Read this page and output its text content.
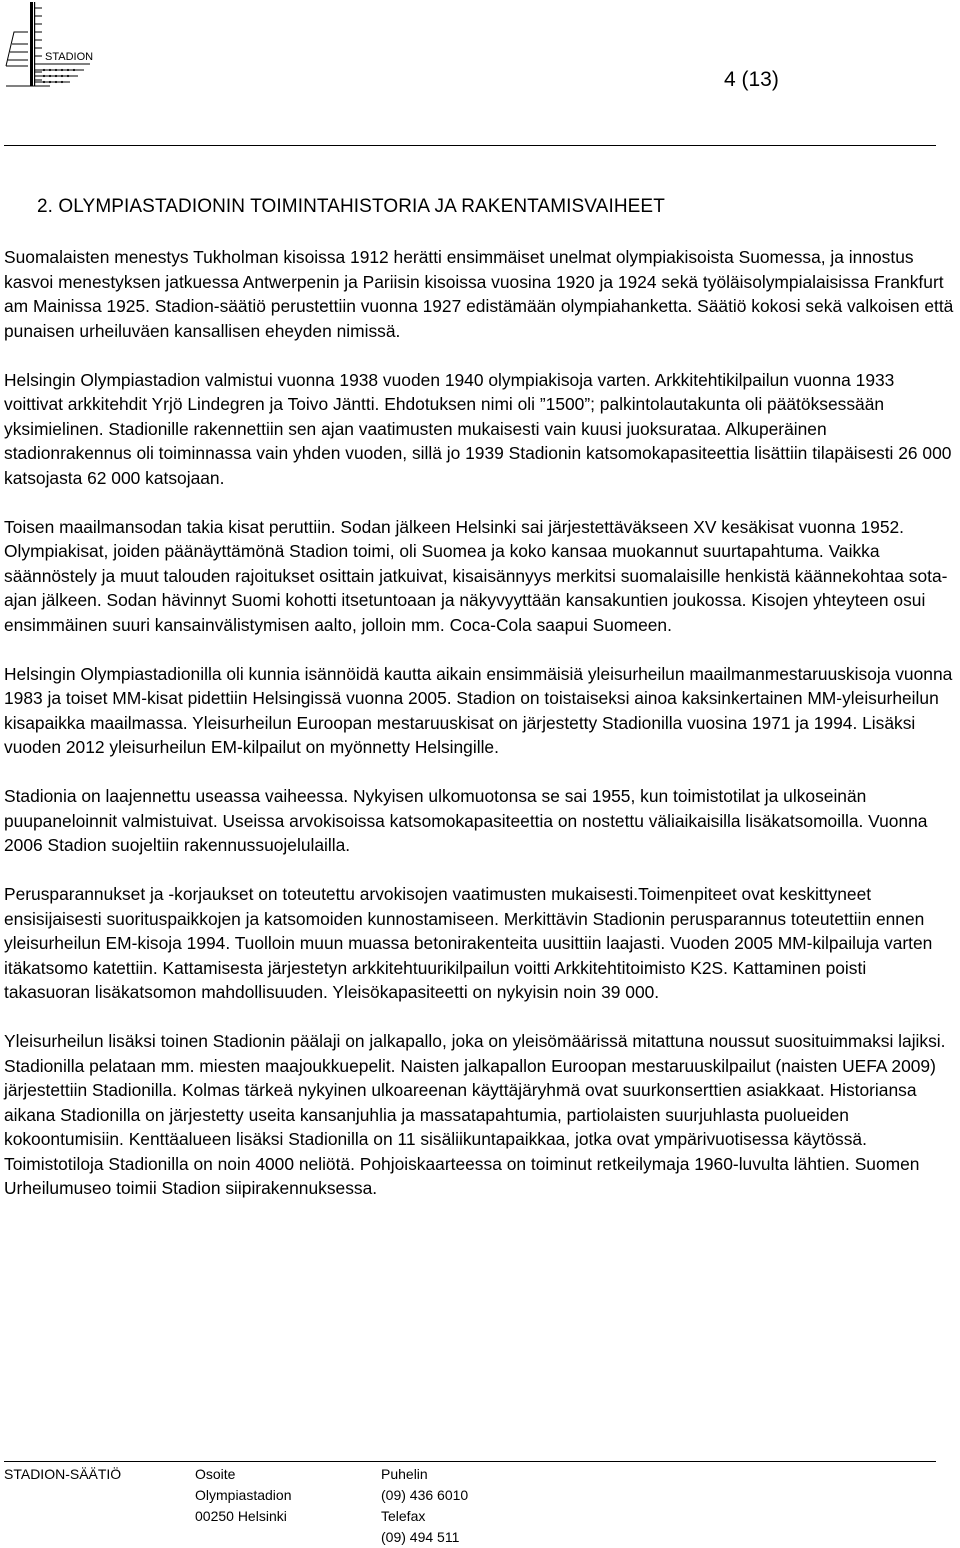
STADION
4 (13)
2. OLYMPIASTADIONIN TOIMINTAHISTORIA JA RAKENTAMISVAIHEET

Suomalaisten menestys Tukholman kisoissa 1912 herätti ensimmäiset unelmat olympiakisoista Suomessa, ja innostus kasvoi menestyksen jatkuessa Antwerpenin ja Pariisin kisoissa vuosina 1920 ja 1924 sekä työläisolympialaisissa Frankfurt am Mainissa 1925. Stadion-säätiö perustettiin vuonna 1927 edistämään olympiahanketta. Säätiö kokosi sekä valkoisen että punaisen urheiluväen kansallisen eheyden nimissä.

Helsingin Olympiastadion valmistui vuonna 1938 vuoden 1940 olympiakisoja varten. Arkkitehtikilpailun vuonna 1933 voittivat arkkitehdit Yrjö Lindegren ja Toivo Jäntti. Ehdotuksen nimi oli ”1500”; palkintolautakunta oli päätöksessään yksimielinen. Stadionille rakennettiin sen ajan vaatimusten mukaisesti vain kuusi juoksurataa. Alkuperäinen stadionrakennus oli toiminnassa vain yhden vuoden, sillä jo 1939 Stadionin katsomokapasiteettia lisättiin tilapäisesti 26 000 katsojasta 62 000 katsojaan.

Toisen maailmansodan takia kisat peruttiin. Sodan jälkeen Helsinki sai järjestettäväkseen XV kesäkisat vuonna 1952. Olympiakisat, joiden päänäyttämönä Stadion toimi, oli Suomea ja koko kansaa muokannut suurtapahtuma. Vaikka säännöstely ja muut talouden rajoitukset osittain jatkuivat, kisaisännyys merkitsi suomalaisille henkistä käännekohtaa sota-ajan jälkeen. Sodan hävinnyt Suomi kohotti itsetuntoaan ja näkyvyyttään kansakuntien joukossa. Kisojen yhteyteen osui ensimmäinen suuri kansainvälistymisen aalto, jolloin mm. Coca-Cola saapui Suomeen.

Helsingin Olympiastadionilla oli kunnia isännöidä kautta aikain ensimmäisiä yleisurheilun maailmanmestaruuskisoja vuonna 1983 ja toiset MM-kisat pidettiin Helsingissä vuonna 2005. Stadion on toistaiseksi ainoa kaksinkertainen MM-yleisurheilun kisapaikka maailmassa. Yleisurheilun Euroopan mestaruuskisat on järjestetty Stadionilla vuosina 1971 ja 1994. Lisäksi vuoden 2012 yleisurheilun EM-kilpailut on myönnetty Helsingille.

Stadionia on laajennettu useassa vaiheessa. Nykyisen ulkomuotonsa se sai 1955, kun toimistotilat ja ulkoseinän puupaneloinnit valmistuivat. Useissa arvokisoissa katsomokapasiteettia on nostettu väliaikaisilla lisäkatsomoilla. Vuonna 2006 Stadion suojeltiin rakennussuojelulailla.

Perusparannukset ja -korjaukset on toteutettu arvokisojen vaatimusten mukaisesti.Toimenpiteet ovat keskittyneet ensisijaisesti suorituspaikkojen ja katsomoiden kunnostamiseen. Merkittävin Stadionin perusparannus toteutettiin ennen yleisurheilun EM-kisoja 1994. Tuolloin muun muassa betonirakenteita uusittiin laajasti. Vuoden 2005 MM-kilpailuja varten itäkatsomo katettiin. Kattamisesta järjestetyn arkkitehtuurikilpailun voitti Arkkitehtitoimisto K2S. Kattaminen poisti takasuoran lisäkatsomon mahdollisuuden. Yleisökapasiteetti on nykyisin noin 39 000.

Yleisurheilun lisäksi toinen Stadionin päälaji on jalkapallo, joka on yleisömäärissä mitattuna noussut suosituimmaksi lajiksi. Stadionilla pelataan mm. miesten maajoukkuepelit. Naisten jalkapallon Euroopan mestaruuskilpailut (naisten UEFA 2009) järjestettiin Stadionilla. Kolmas tärkeä nykyinen ulkoareenan käyttäjäryhmä ovat suurkonserttien asiakkaat. Historiansa aikana Stadionilla on järjestetty useita kansanjuhlia ja massatapahtumia, partiolaisten suurjuhlasta puolueiden kokoontumisiin. Kenttäalueen lisäksi Stadionilla on 11 sisäliikuntapaikkaa, jotka ovat ympärivuotisessa käytössä. Toimistotiloja Stadionilla on noin 4000 neliötä. Pohjoiskaarteessa on toiminut retkeilymaja 1960-luvulta lähtien. Suomen Urheilumuseo toimii Stadion siipirakennuksessa.

STADION-SÄÄTIÖ	Osoite
Olympiastadion
00250 Helsinki
Puhelin
(09) 436 6010
Telefax
(09) 494 511
